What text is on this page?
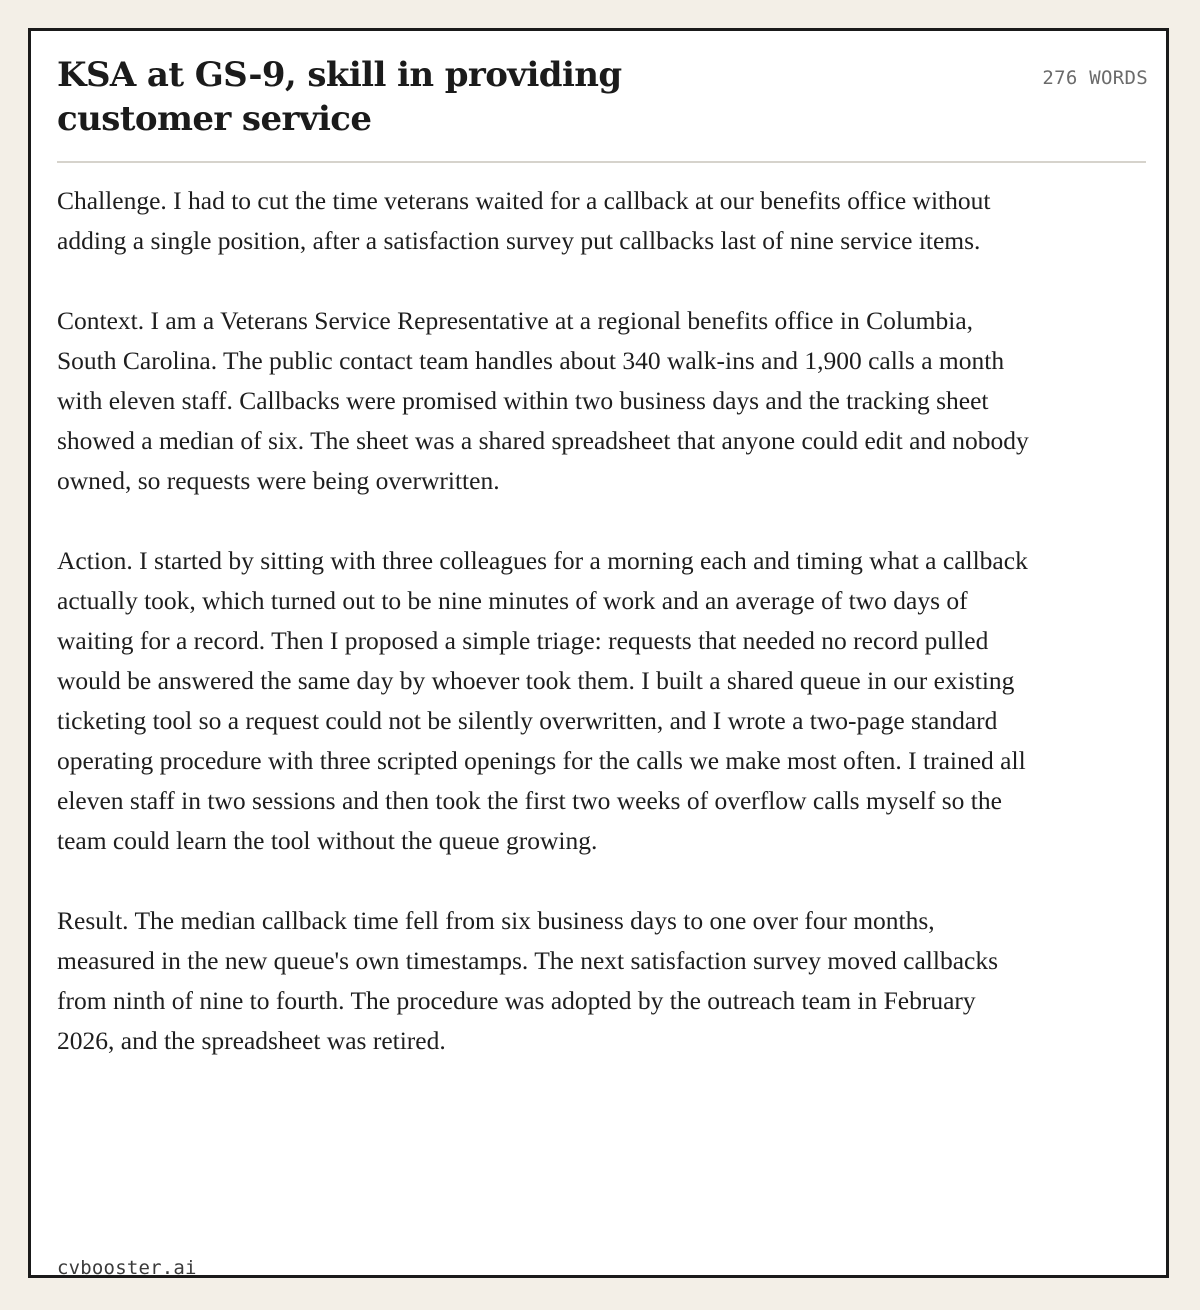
KSA at GS-9, skill in providing customer service
276 WORDS

Challenge. I had to cut the time veterans waited for a callback at our benefits office without adding a single position, after a satisfaction survey put callbacks last of nine service items.

Context. I am a Veterans Service Representative at a regional benefits office in Columbia, South Carolina. The public contact team handles about 340 walk-ins and 1,900 calls a month with eleven staff. Callbacks were promised within two business days and the tracking sheet showed a median of six. The sheet was a shared spreadsheet that anyone could edit and nobody owned, so requests were being overwritten.

Action. I started by sitting with three colleagues for a morning each and timing what a callback actually took, which turned out to be nine minutes of work and an average of two days of waiting for a record. Then I proposed a simple triage: requests that needed no record pulled would be answered the same day by whoever took them. I built a shared queue in our existing ticketing tool so a request could not be silently overwritten, and I wrote a two-page standard operating procedure with three scripted openings for the calls we make most often. I trained all eleven staff in two sessions and then took the first two weeks of overflow calls myself so the team could learn the tool without the queue growing.

Result. The median callback time fell from six business days to one over four months, measured in the new queue's own timestamps. The next satisfaction survey moved callbacks from ninth of nine to fourth. The procedure was adopted by the outreach team in February 2026, and the spreadsheet was retired.

cvbooster.ai
